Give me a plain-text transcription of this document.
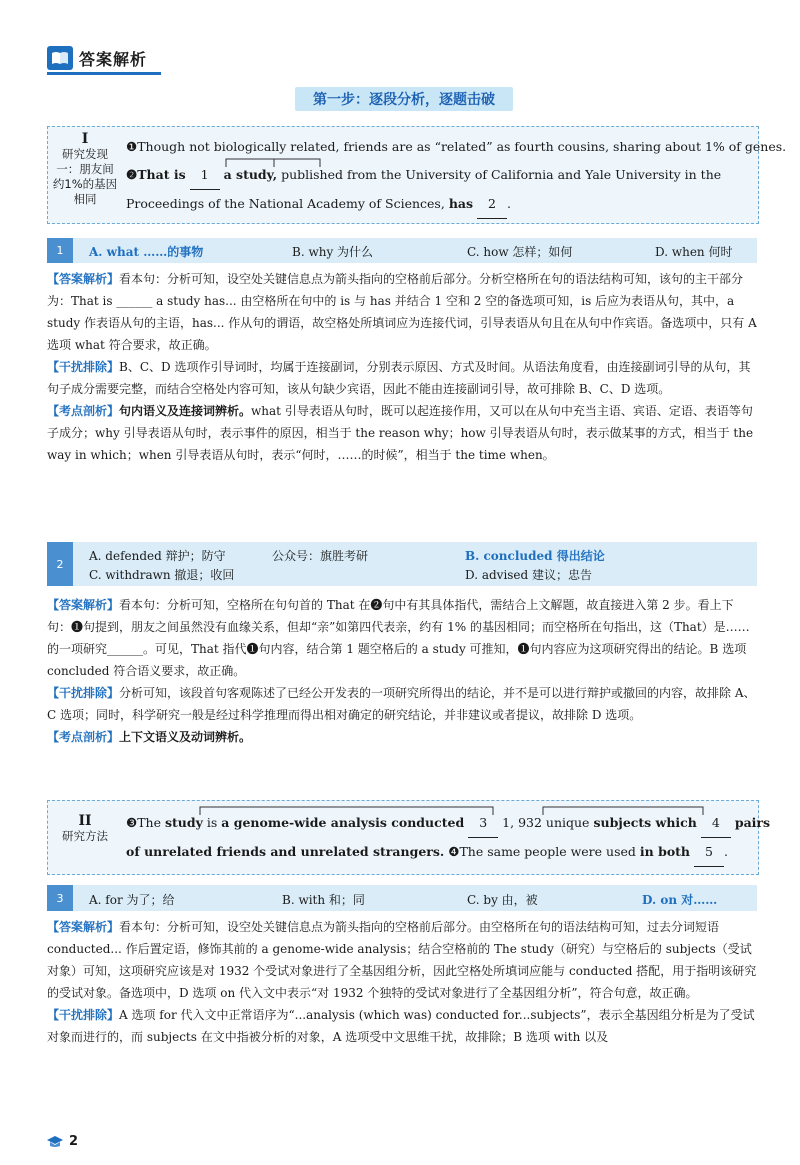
答案解析
第一步：逐段分析，逐题击破
I
研究发现一：朋友间约1%的基因相同
❶Though not biologically related, friends are as “related” as fourth cousins, sharing about 1% of genes.
❷That is 1 a study, published from the University of California and Yale University in the
Proceedings of the National Academy of Sciences, has 2 .
1	A. what ……的事物	B. why 为什么	C. how 怎样；如何	D. when 何时
【答案解析】看本句：分析可知，设空处关键信息点为箭头指向的空格前后部分。分析空格所在句的语法结构可知，该句的主干部分为：That is ______ a study has... 由空格所在句中的 is 与 has 并结合 1 空和 2 空的备选项可知，is 后应为表语从句，其中，a study 作表语从句的主语，has... 作从句的谓语，故空格处所填词应为连接代词，引导表语从句且在从句中作宾语。备选项中，只有 A 选项 what 符合要求，故正确。
【干扰排除】B、C、D 选项作引导词时，均属于连接副词，分别表示原因、方式及时间。从语法角度看，由连接副词引导的从句，其句子成分需要完整，而结合空格处内容可知，该从句缺少宾语，因此不能由连接副词引导，故可排除 B、C、D 选项。
【考点剖析】句内语义及连接词辨析。what 引导表语从句时，既可以起连接作用，又可以在从句中充当主语、宾语、定语、表语等句子成分；why 引导表语从句时，表示事件的原因，相当于 the reason why；how 引导表语从句时，表示做某事的方式，相当于 the way in which；when 引导表语从句时，表示“何时，……的时候”，相当于 the time when。
2
A. defended 辩护；防守	公众号：旗胜考研	B. concluded 得出结论
C. withdrawn 撤退；收回	D. advised 建议；忠告
【答案解析】看本句：分析可知，空格所在句句首的 That 在❷句中有其具体指代，需结合上文解题，故直接进入第 2 步。看上下句：❶句提到，朋友之间虽然没有血缘关系，但却“亲”如第四代表亲，约有 1% 的基因相同；而空格所在句指出，这（That）是……的一项研究______。可见，That 指代❶句内容，结合第 1 题空格后的 a study 可推知，❶句内容应为这项研究得出的结论。B 选项 concluded 符合语义要求，故正确。
【干扰排除】分析可知，该段首句客观陈述了已经公开发表的一项研究所得出的结论，并不是可以进行辩护或撤回的内容，故排除 A、C 选项；同时，科学研究一般是经过科学推理而得出相对确定的研究结论，并非建议或者提议，故排除 D 选项。
【考点剖析】上下文语义及动词辨析。
II
研究方法
❸The study is a genome-wide analysis conducted 3 1, 932 unique subjects which 4 pairs
of unrelated friends and unrelated strangers. ❹The same people were used in both 5 .
3	A. for 为了；给	B. with 和；同	C. by 由，被	D. on 对……
【答案解析】看本句：分析可知，设空处关键信息点为箭头指向的空格前后部分。由空格所在句的语法结构可知，过去分词短语 conducted... 作后置定语，修饰其前的 a genome-wide analysis；结合空格前的 The study（研究）与空格后的 subjects（受试对象）可知，这项研究应该是对 1932 个受试对象进行了全基因组分析，因此空格处所填词应能与 conducted 搭配，用于指明该研究的受试对象。备选项中，D 选项 on 代入文中表示“对 1932 个独特的受试对象进行了全基因组分析”，符合句意，故正确。
【干扰排除】A 选项 for 代入文中正常语序为“...analysis (which was) conducted for...subjects”，表示全基因组分析是为了受试对象而进行的，而 subjects 在文中指被分析的对象，A 选项受中文思维干扰，故排除；B 选项 with 以及
2
